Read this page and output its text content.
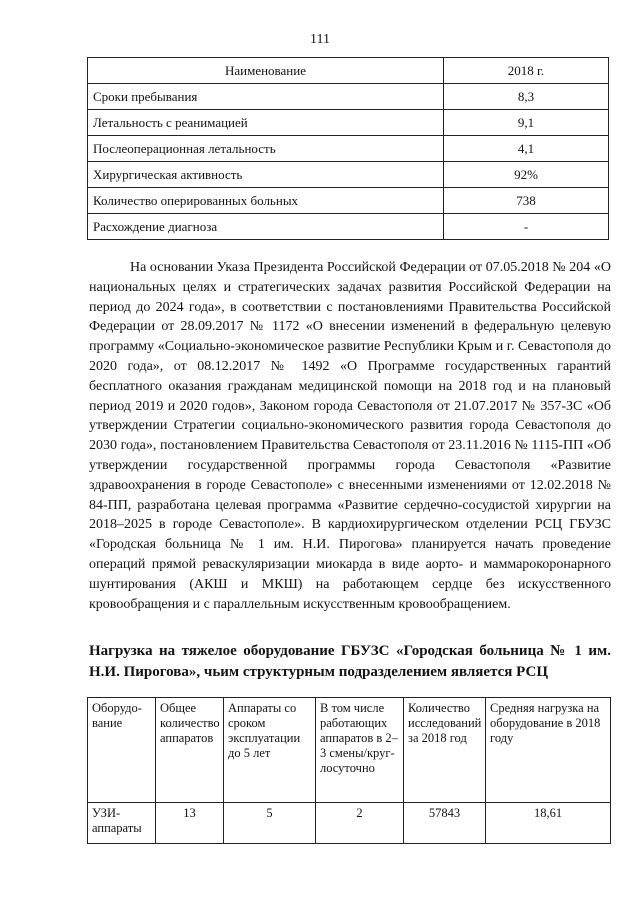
111
Наименование	2018 г.
Сроки пребывания	8,3
Летальность с реанимацией	9,1
Послеоперационная летальность	4,1
Хирургическая активность	92%
Количество оперированных больных	738
Расхождение диагноза	-

На основании Указа Президента Российской Федерации от 07.05.2018 № 204 «О национальных целях и стратегических задачах развития Российской Федерации на период до 2024 года», в соответствии с постановлениями Правительства Российской Федерации от 28.09.2017 № 1172 «О внесении изменений в федеральную целевую программу «Социально-экономическое развитие Республики Крым и г. Севастополя до 2020 года», от 08.12.2017 № 1492 «О Программе государственных гарантий бесплатного оказания гражданам медицинской помощи на 2018 год и на плановый период 2019 и 2020 годов», Законом города Севастополя от 21.07.2017 № 357-ЗС «Об утверждении Стратегии социально-экономического развития города Севастополя до 2030 года», постановлением Правительства Севастополя от 23.11.2016 № 1115-ПП «Об утверждении государственной программы города Севастополя «Развитие здравоохранения в городе Севастополе» с внесенными изменениями от 12.02.2018 № 84-ПП, разработана целевая программа «Развитие сердечно-сосудистой хирургии на 2018–2025 в городе Севастополе». В кардиохирургическом отделении РСЦ ГБУЗС «Городская больница № 1 им. Н.И. Пирогова» планируется начать проведение операций прямой реваскуляризации миокарда в виде аорто- и маммарокоронарного шунтирования (АКШ и МКШ) на работающем сердце без искусственного кровообращения и с параллельным искусственным кровообращением.

Нагрузка на тяжелое оборудование ГБУЗС «Городская больница № 1 им. Н.И. Пирогова», чьим структурным подразделением является РСЦ

Оборудо-вание	Общее количество аппаратов	Аппараты со сроком эксплуатации до 5 лет	В том числе работающих аппаратов в 2–3 смены/круг-лосуточно	Количество исследований за 2018 год	Средняя нагрузка на оборудование в 2018 году
УЗИ-аппараты	13	5	2	57843	18,61
